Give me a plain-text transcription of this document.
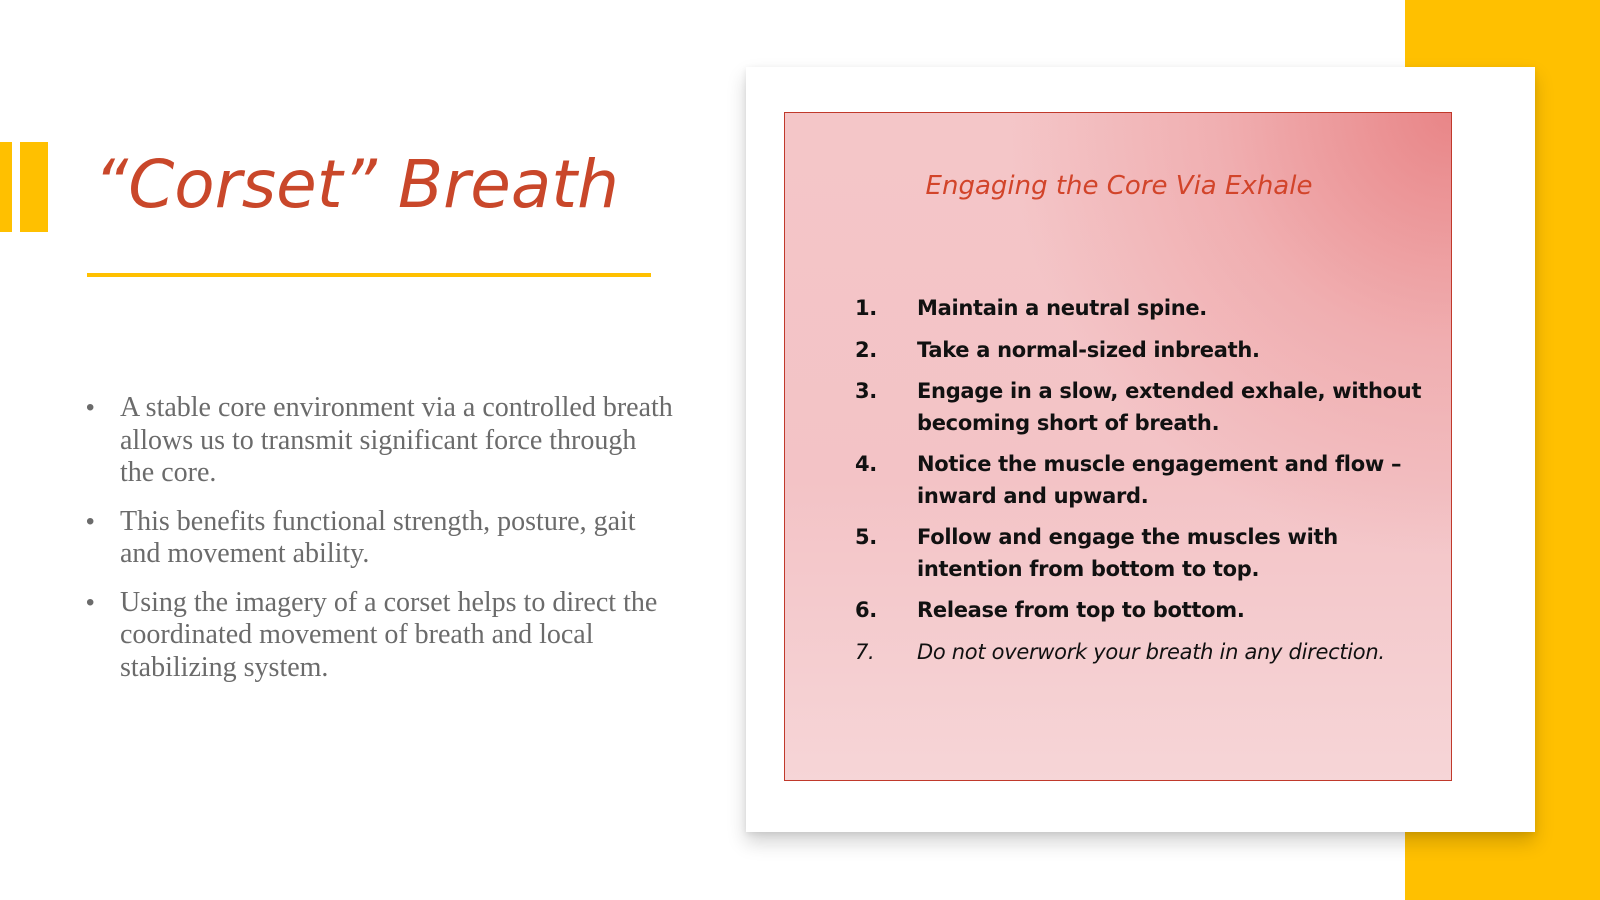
“Corset” Breath
• A stable core environment via a controlled breath allows us to transmit significant force through the core.
• This benefits functional strength, posture, gait and movement ability.
• Using the imagery of a corset helps to direct the coordinated movement of breath and local stabilizing system.
Engaging the Core Via Exhale
1. Maintain a neutral spine.
2. Take a normal-sized inbreath.
3. Engage in a slow, extended exhale, without becoming short of breath.
4. Notice the muscle engagement and flow – inward and upward.
5. Follow and engage the muscles with intention from bottom to top.
6. Release from top to bottom.
7. Do not overwork your breath in any direction.
